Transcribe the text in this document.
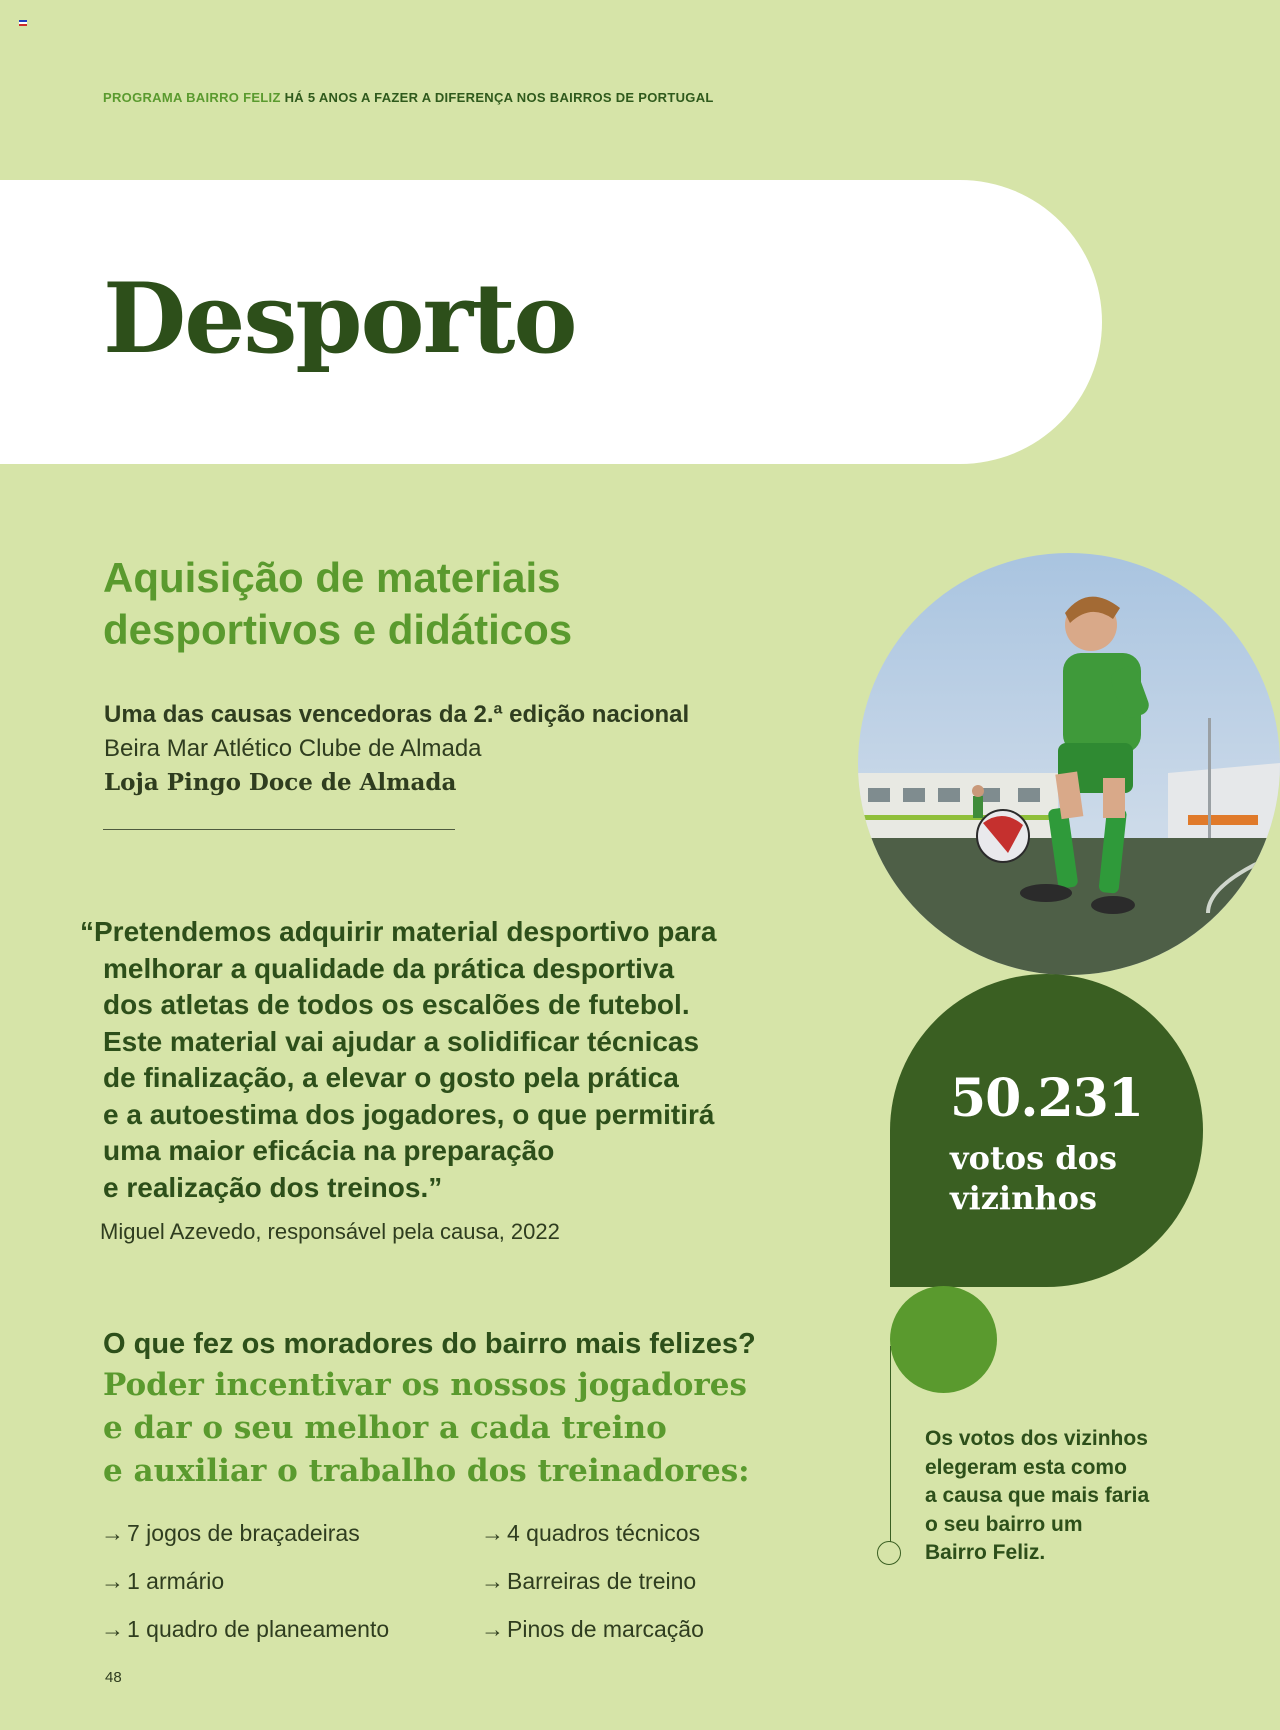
PROGRAMA BAIRRO FELIZ HÁ 5 ANOS A FAZER A DIFERENÇA NOS BAIRROS DE PORTUGAL
Desporto
Aquisição de materiais
desportivos e didáticos
Uma das causas vencedoras da 2.ª edição nacional
Beira Mar Atlético Clube de Almada
Loja Pingo Doce de Almada
“Pretendemos adquirir material desportivo para
melhorar a qualidade da prática desportiva
dos atletas de todos os escalões de futebol.
Este material vai ajudar a solidificar técnicas
de finalização, a elevar o gosto pela prática
e a autoestima dos jogadores, o que permitirá
uma maior eficácia na preparação
e realização dos treinos.”
Miguel Azevedo, responsável pela causa, 2022
O que fez os moradores do bairro mais felizes?
Poder incentivar os nossos jogadores
e dar o seu melhor a cada treino
e auxiliar o trabalho dos treinadores:
→ 7 jogos de braçadeiras	→ 4 quadros técnicos
→ 1 armário	→ Barreiras de treino
→ 1 quadro de planeamento	→ Pinos de marcação
48
50.231
votos dos
vizinhos
Os votos dos vizinhos
elegeram esta como
a causa que mais faria
o seu bairro um
Bairro Feliz.
